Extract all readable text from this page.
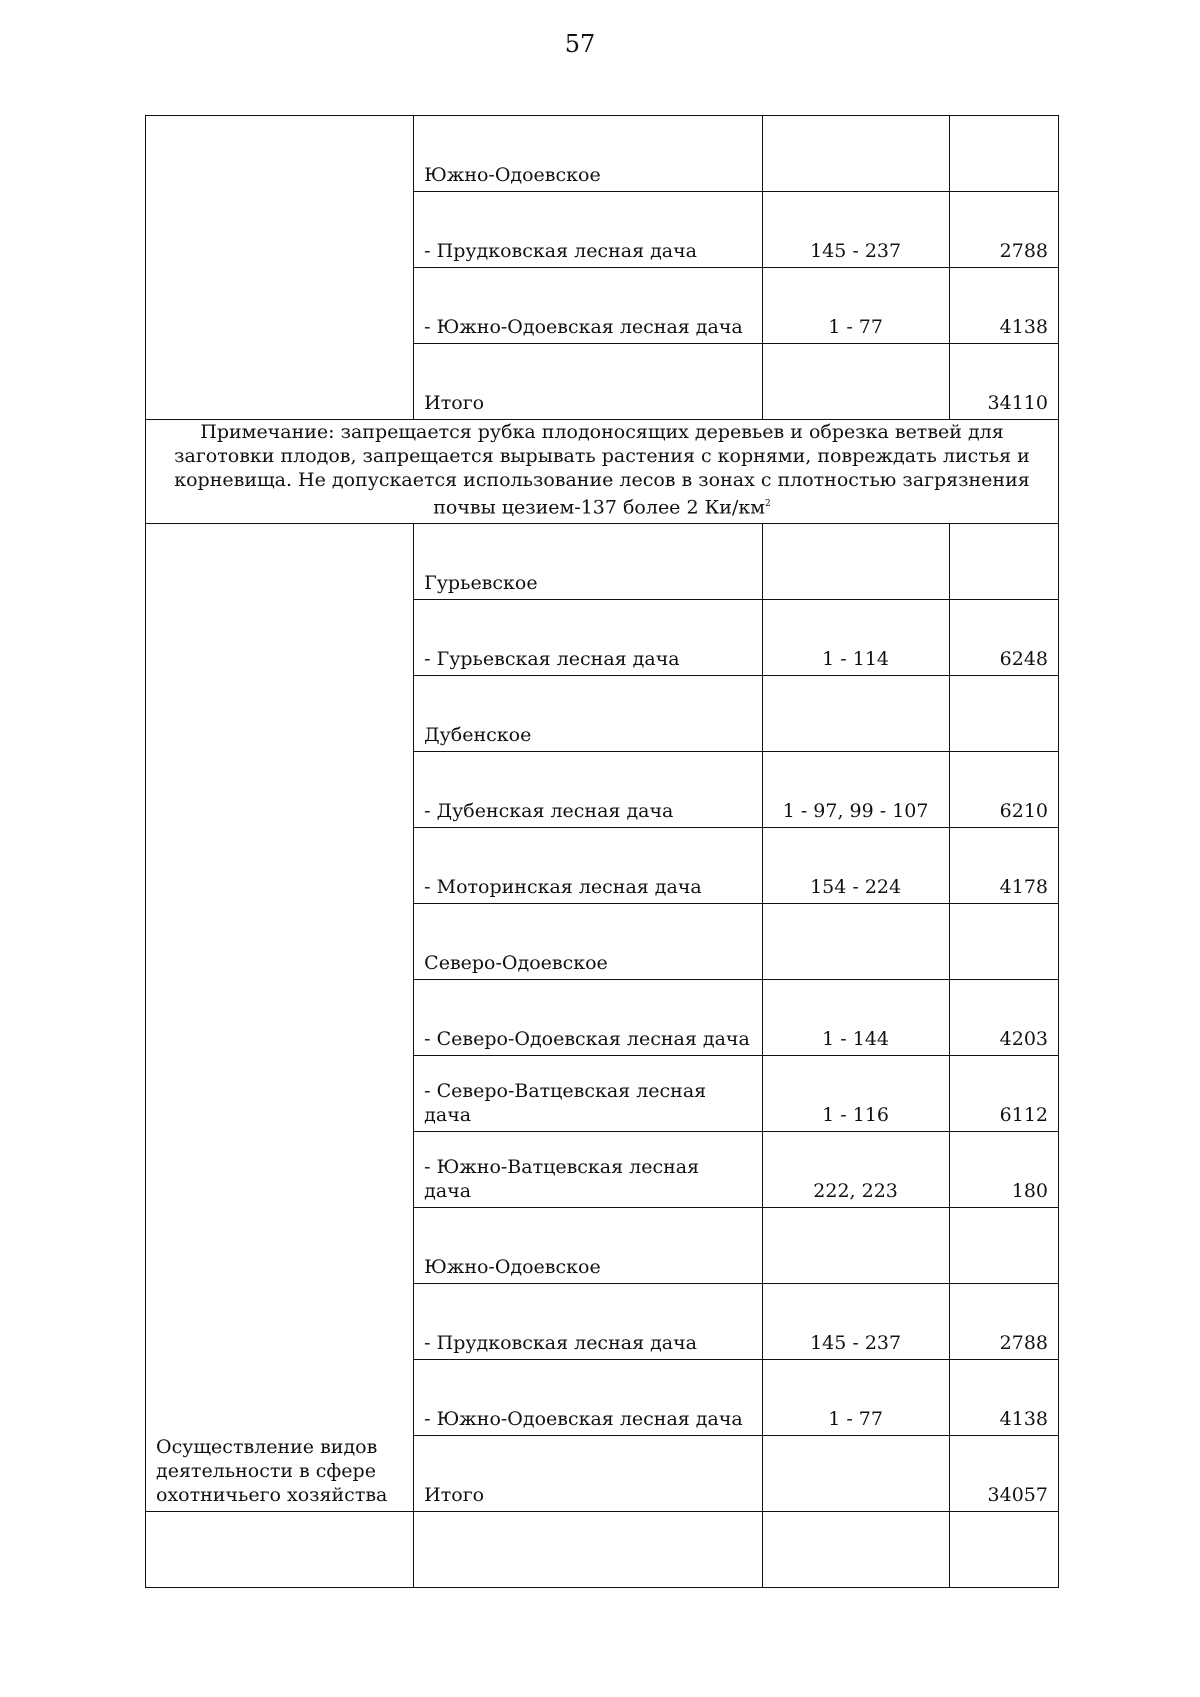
57
	Южно-Одоевское		
	- Прудковская лесная дача	145 - 237	2788
	- Южно-Одоевская лесная дача	1 - 77	4138
	Итого		34110
Примечание: запрещается рубка плодоносящих деревьев и обрезка ветвей для заготовки плодов, запрещается вырывать растения с корнями, повреждать листья и корневища. Не допускается использование лесов в зонах с плотностью загрязнения почвы цезием-137 более 2 $Ки/км^2$
Осуществление видов деятельности в сфере охотничьего хозяйства	Гурьевское		
	- Гурьевская лесная дача	1 - 114	6248
	Дубенское		
	- Дубенская лесная дача	1 - 97, 99 - 107	6210
	- Моторинская лесная дача	154 - 224	4178
	Северо-Одоевское		
	- Северо-Одоевская лесная дача	1 - 144	4203
	- Северо-Ватцевская лесная дача	1 - 116	6112
	- Южно-Ватцевская лесная дача	222, 223	180
	Южно-Одоевское		
	- Прудковская лесная дача	145 - 237	2788
	- Южно-Одоевская лесная дача	1 - 77	4138
	Итого		34057
